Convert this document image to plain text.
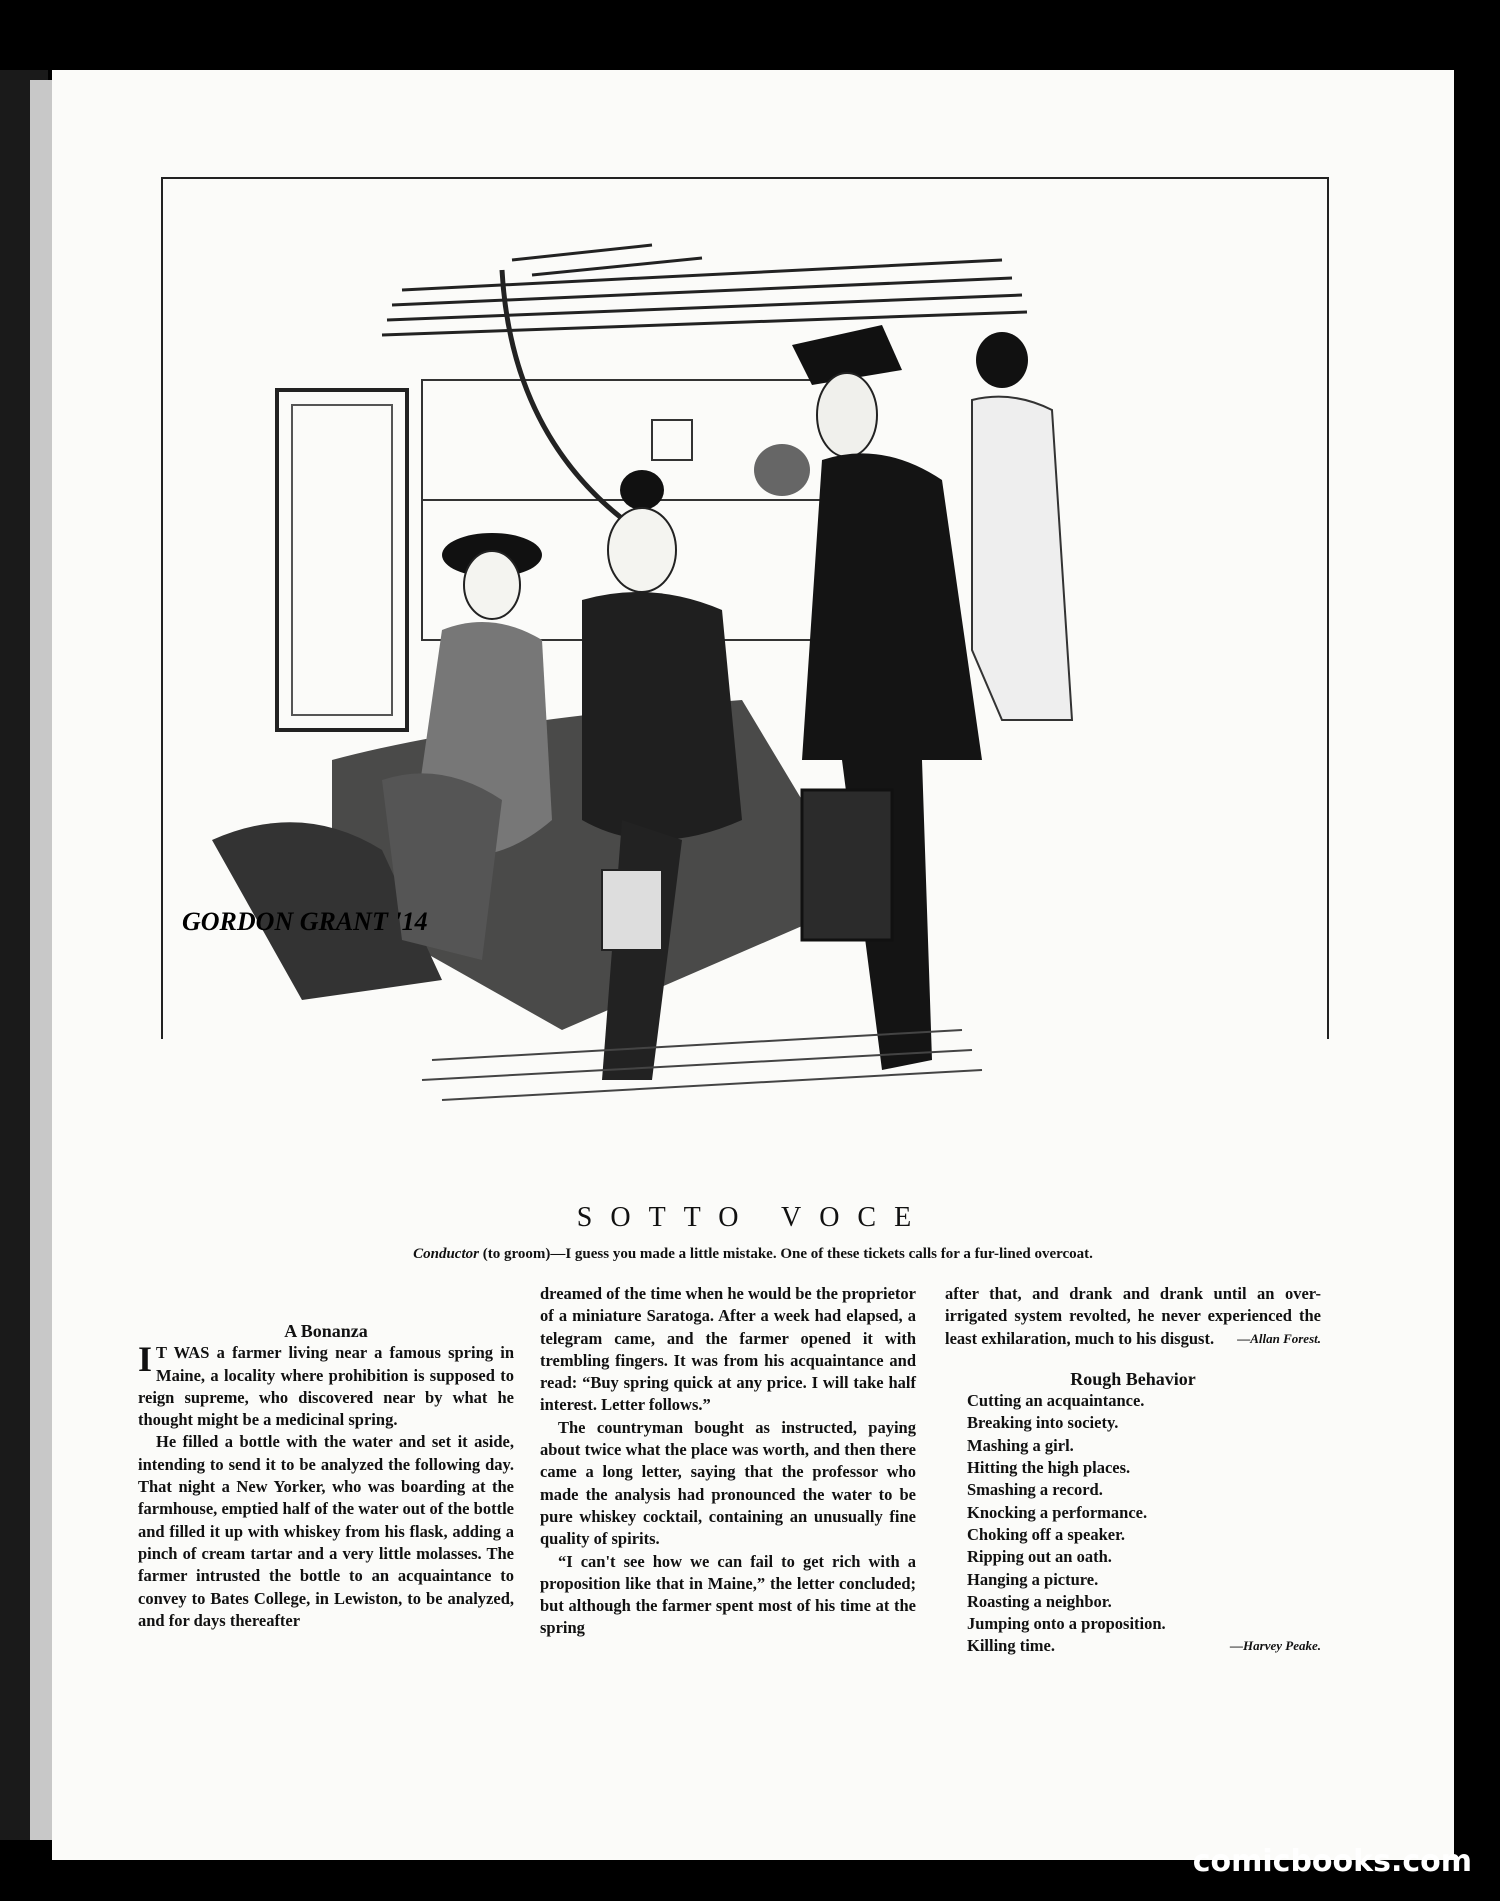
GORDON GRANT '14
SOTTO VOCE
Conductor (to groom)—I guess you made a little mistake. One of these tickets calls for a fur-lined overcoat.

A Bonanza

I T WAS a farmer living near a famous spring in Maine, a locality where prohibition is supposed to reign supreme, who discovered near by what he thought might be a medicinal spring.

He filled a bottle with the water and set it aside, intending to send it to be analyzed the following day. That night a New Yorker, who was boarding at the farmhouse, emptied half of the water out of the bottle and filled it up with whiskey from his flask, adding a pinch of cream tartar and a very little molasses. The farmer intrusted the bottle to an acquaintance to convey to Bates College, in Lewiston, to be analyzed, and for days thereafter

dreamed of the time when he would be the proprietor of a miniature Saratoga. After a week had elapsed, a telegram came, and the farmer opened it with trembling fingers. It was from his acquaintance and read: “Buy spring quick at any price. I will take half interest. Letter follows.”

The countryman bought as instructed, paying about twice what the place was worth, and then there came a long letter, saying that the professor who made the analysis had pronounced the water to be pure whiskey cocktail, containing an unusually fine quality of spirits.

“I can't see how we can fail to get rich with a proposition like that in Maine,” the letter concluded; but although the farmer spent most of his time at the spring

after that, and drank and drank until an over-irrigated system revolted, he never experienced the least exhilaration, much to his disgust. —Allan Forest.

Rough Behavior

Cutting an acquaintance.
Breaking into society.
Mashing a girl.
Hitting the high places.
Smashing a record.
Knocking a performance.
Choking off a speaker.
Ripping out an oath.
Hanging a picture.
Roasting a neighbor.
Jumping onto a proposition.
Killing time.	—Harvey Peake.
comicbooks.com
